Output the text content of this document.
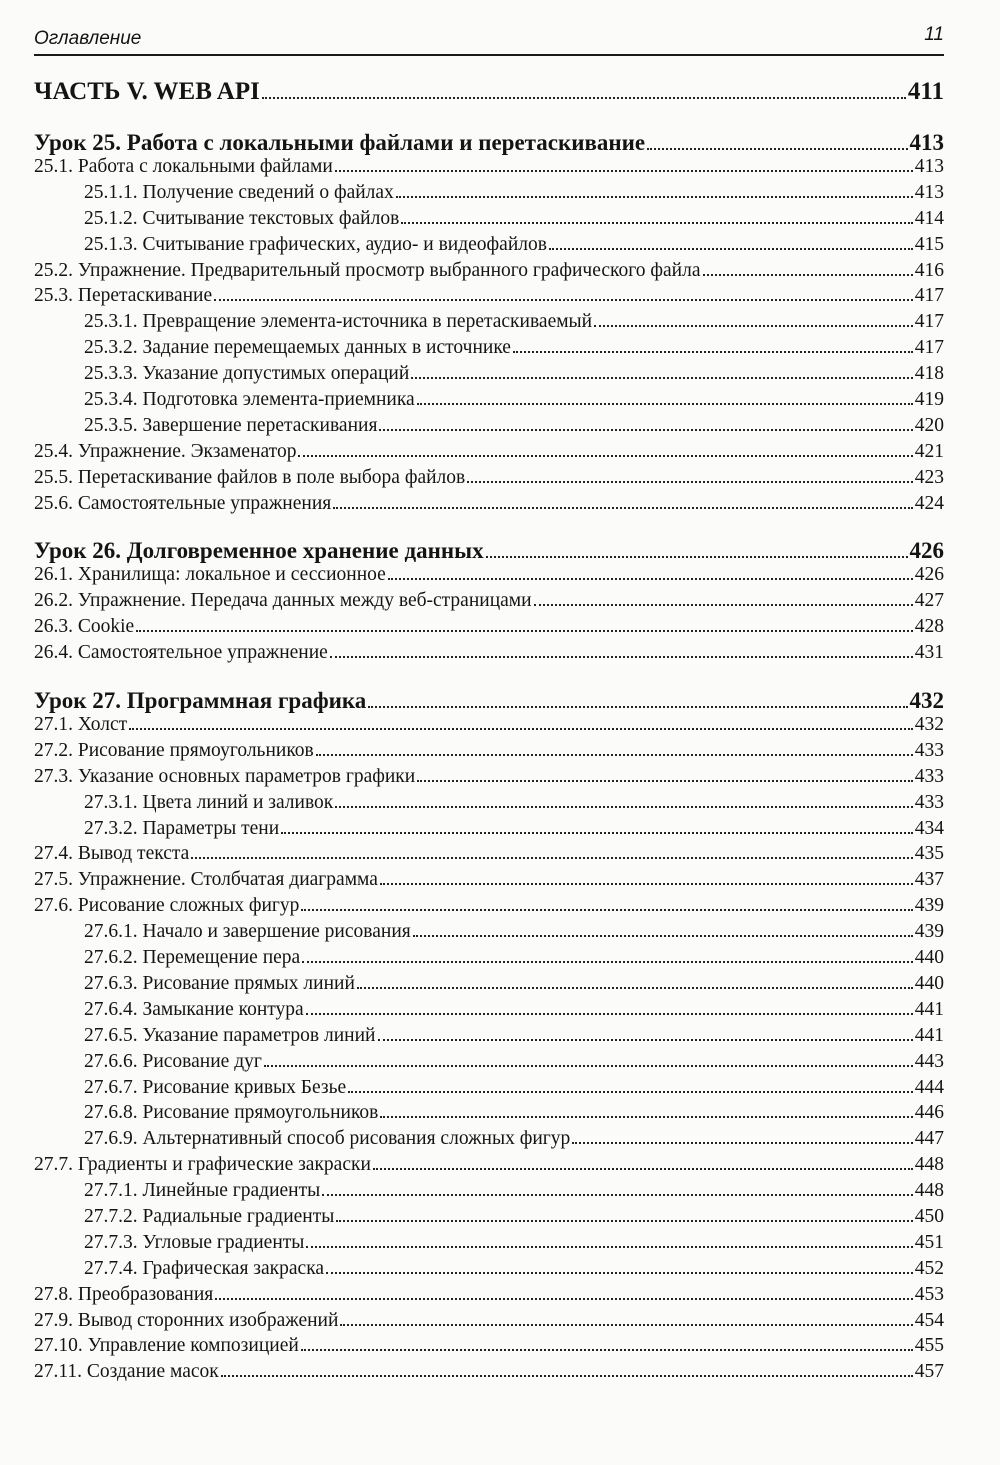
Оглавление	11
ЧАСТЬ V. WEB API	411
Урок 25. Работа с локальными файлами и перетаскивание	413
25.1. Работа с локальными файлами	413
25.1.1. Получение сведений о файлах	413
25.1.2. Считывание текстовых файлов	414
25.1.3. Считывание графических, аудио- и видеофайлов	415
25.2. Упражнение. Предварительный просмотр выбранного графического файла	416
25.3. Перетаскивание	417
25.3.1. Превращение элемента-источника в перетаскиваемый	417
25.3.2. Задание перемещаемых данных в источнике	417
25.3.3. Указание допустимых операций	418
25.3.4. Подготовка элемента-приемника	419
25.3.5. Завершение перетаскивания	420
25.4. Упражнение. Экзаменатор	421
25.5. Перетаскивание файлов в поле выбора файлов	423
25.6. Самостоятельные упражнения	424
Урок 26. Долговременное хранение данных	426
26.1. Хранилища: локальное и сессионное	426
26.2. Упражнение. Передача данных между веб-страницами	427
26.3. Cookie	428
26.4. Самостоятельное упражнение	431
Урок 27. Программная графика	432
27.1. Холст	432
27.2. Рисование прямоугольников	433
27.3. Указание основных параметров графики	433
27.3.1. Цвета линий и заливок	433
27.3.2. Параметры тени	434
27.4. Вывод текста	435
27.5. Упражнение. Столбчатая диаграмма	437
27.6. Рисование сложных фигур	439
27.6.1. Начало и завершение рисования	439
27.6.2. Перемещение пера	440
27.6.3. Рисование прямых линий	440
27.6.4. Замыкание контура	441
27.6.5. Указание параметров линий	441
27.6.6. Рисование дуг	443
27.6.7. Рисование кривых Безье	444
27.6.8. Рисование прямоугольников	446
27.6.9. Альтернативный способ рисования сложных фигур	447
27.7. Градиенты и графические закраски	448
27.7.1. Линейные градиенты	448
27.7.2. Радиальные градиенты	450
27.7.3. Угловые градиенты	451
27.7.4. Графическая закраска	452
27.8. Преобразования	453
27.9. Вывод сторонних изображений	454
27.10. Управление композицией	455
27.11. Создание масок	457
